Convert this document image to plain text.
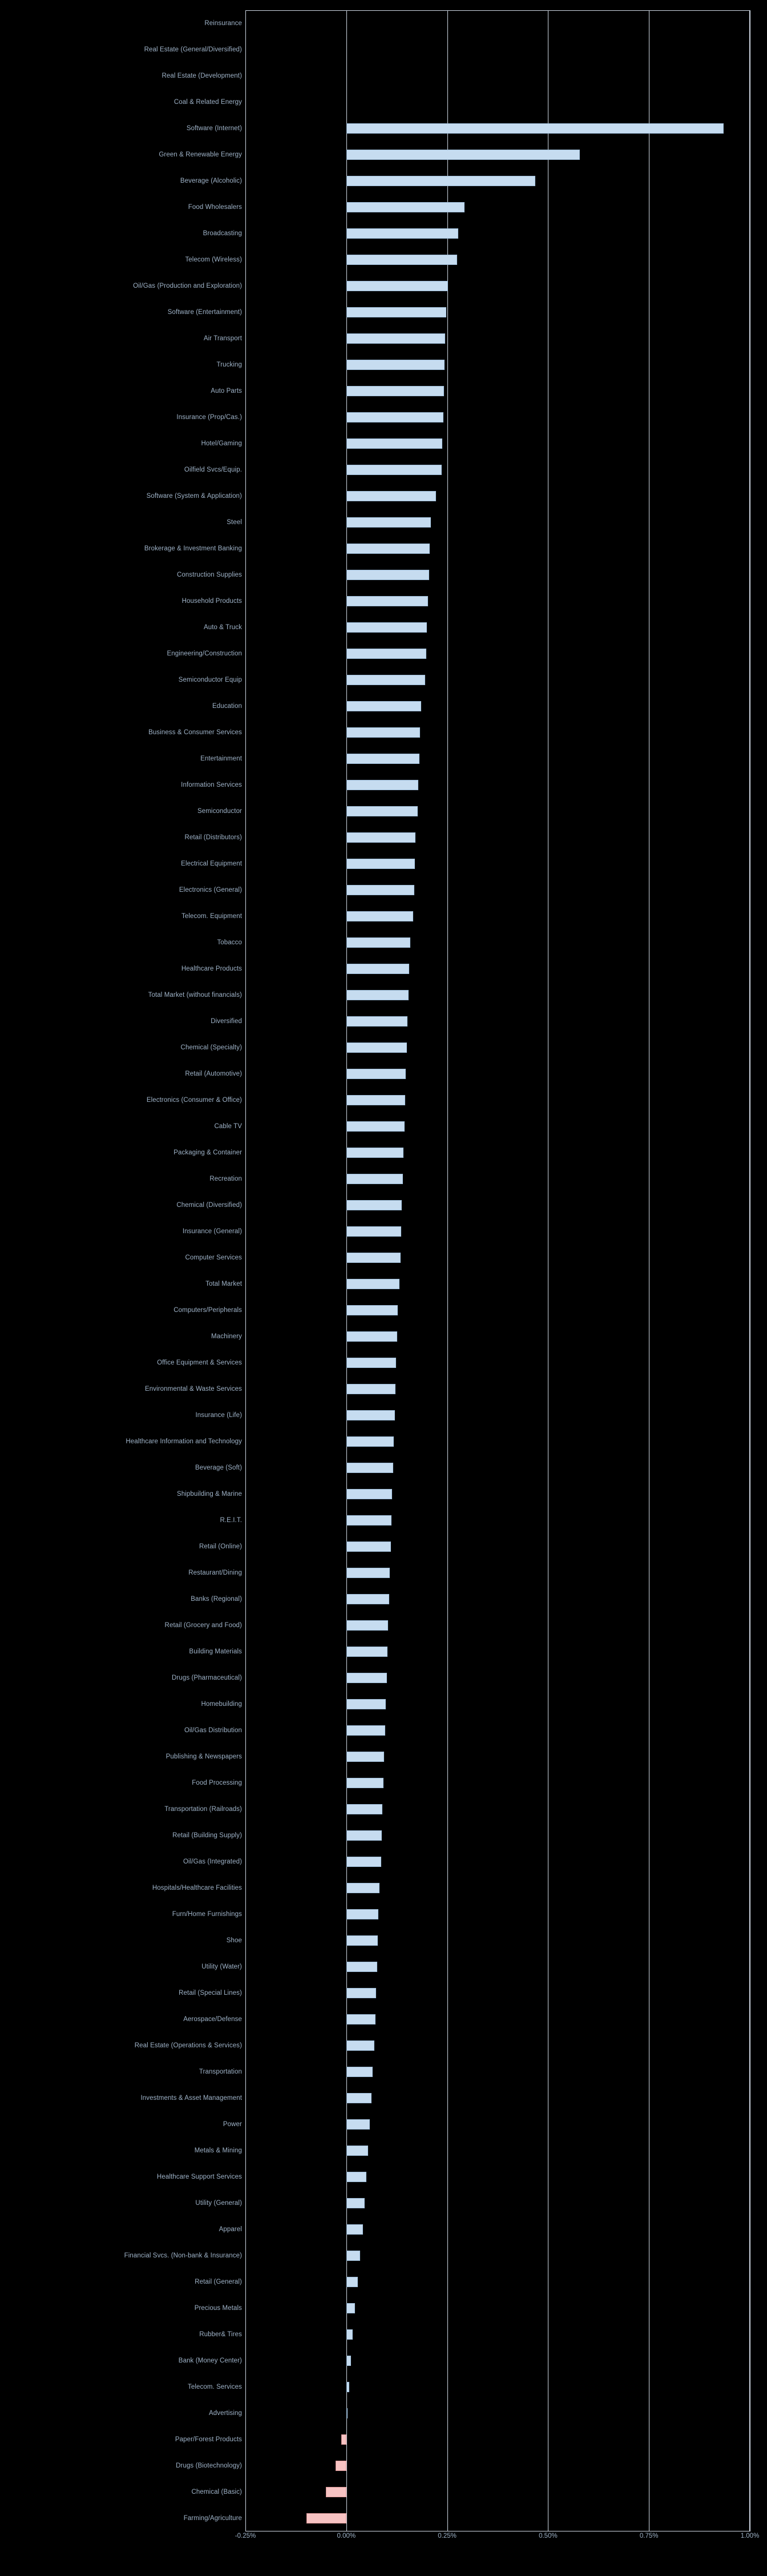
Reinsurance
Real Estate (General/Diversified)
Real Estate (Development)
Coal & Related Energy
Software (Internet)
Green & Renewable Energy
Beverage (Alcoholic)
Food Wholesalers
Broadcasting
Telecom (Wireless)
Oil/Gas (Production and Exploration)
Software (Entertainment)
Air Transport
Trucking
Auto Parts
Insurance (Prop/Cas.)
Hotel/Gaming
Oilfield Svcs/Equip.
Software (System & Application)
Steel
Brokerage & Investment Banking
Construction Supplies
Household Products
Auto & Truck
Engineering/Construction
Semiconductor Equip
Education
Business & Consumer Services
Entertainment
Information Services
Semiconductor
Retail (Distributors)
Electrical Equipment
Electronics (General)
Telecom. Equipment
Tobacco
Healthcare Products
Total Market (without financials)
Diversified
Chemical (Specialty)
Retail (Automotive)
Electronics (Consumer & Office)
Cable TV
Packaging & Container
Recreation
Chemical (Diversified)
Insurance (General)
Computer Services
Total Market
Computers/Peripherals
Machinery
Office Equipment & Services
Environmental & Waste Services
Insurance (Life)
Healthcare Information and Technology
Beverage (Soft)
Shipbuilding & Marine
R.E.I.T.
Retail (Online)
Restaurant/Dining
Banks (Regional)
Retail (Grocery and Food)
Building Materials
Drugs (Pharmaceutical)
Homebuilding
Oil/Gas Distribution
Publishing & Newspapers
Food Processing
Transportation (Railroads)
Retail (Building Supply)
Oil/Gas (Integrated)
Hospitals/Healthcare Facilities
Furn/Home Furnishings
Shoe
Utility (Water)
Retail (Special Lines)
Aerospace/Defense
Real Estate (Operations & Services)
Transportation
Investments & Asset Management
Power
Metals & Mining
Healthcare Support Services
Utility (General)
Apparel
Financial Svcs. (Non-bank & Insurance)
Retail (General)
Precious Metals
Rubber& Tires
Bank (Money Center)
Telecom. Services
Advertising
Paper/Forest Products
Drugs (Biotechnology)
Chemical (Basic)
Farming/Agriculture
-0.25%	0.00%	0.25%	0.50%	0.75%	1.00%
